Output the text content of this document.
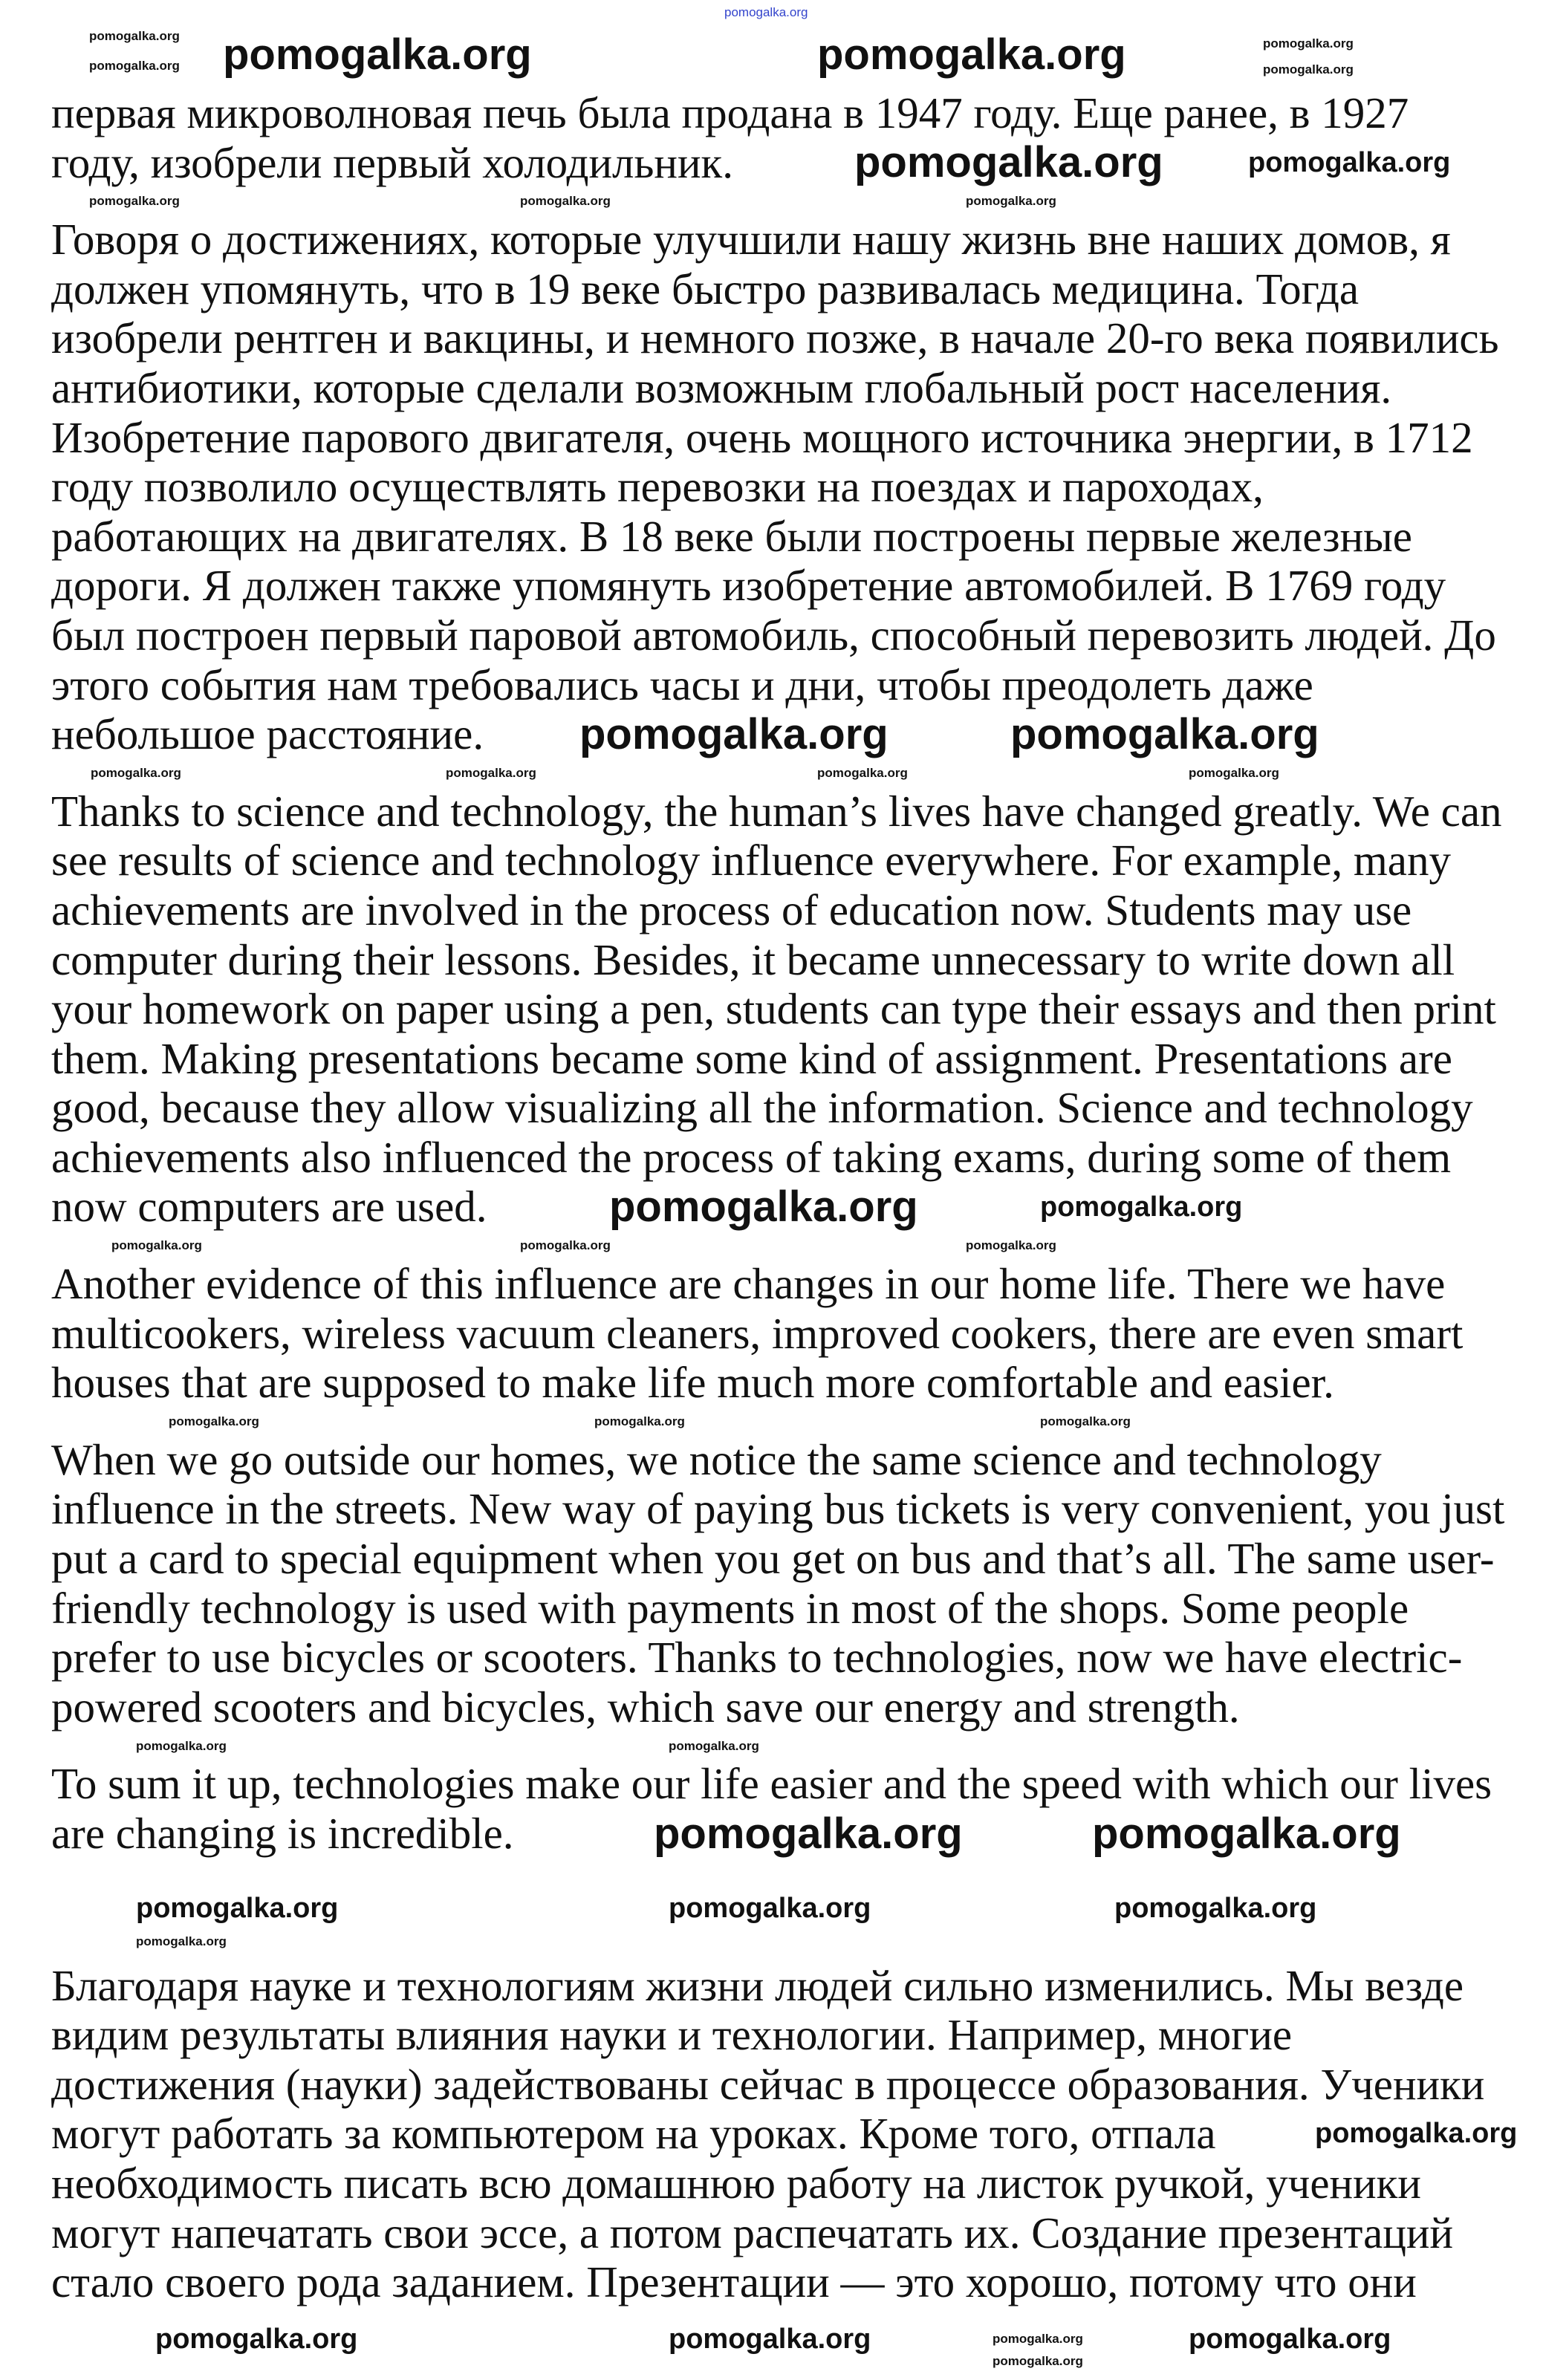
первая микроволновая печь была продана в 1947 году. Еще ранее, в 1927
году, изобрели первый холодильник.

Говоря о достижениях, которые улучшили нашу жизнь вне наших домов, я
должен упомянуть, что в 19 веке быстро развивалась медицина. Тогда
изобрели рентген и вакцины, и немного позже, в начале 20-го века появились
антибиотики, которые сделали возможным глобальный рост населения.
Изобретение парового двигателя, очень мощного источника энергии, в 1712
году позволило осуществлять перевозки на поездах и пароходах,
работающих на двигателях. В 18 веке были построены первые железные
дороги. Я должен также упомянуть изобретение автомобилей. В 1769 году
был построен первый паровой автомобиль, способный перевозить людей. До
этого события нам требовались часы и дни, чтобы преодолеть даже
небольшое расстояние.

Thanks to science and technology, the human’s lives have changed greatly. We can
see results of science and technology influence everywhere. For example, many
achievements are involved in the process of education now. Students may use
computer during their lessons. Besides, it became unnecessary to write down all
your homework on paper using a pen, students can type their essays and then print
them. Making presentations became some kind of assignment. Presentations are
good, because they allow visualizing all the information. Science and technology
achievements also influenced the process of taking exams, during some of them
now computers are used.

Another evidence of this influence are changes in our home life. There we have
multicookers, wireless vacuum cleaners, improved cookers, there are even smart
houses that are supposed to make life much more comfortable and easier.

When we go outside our homes, we notice the same science and technology
influence in the streets. New way of paying bus tickets is very convenient, you just
put a card to special equipment when you get on bus and that’s all. The same user-
friendly technology is used with payments in most of the shops. Some people
prefer to use bicycles or scooters. Thanks to technologies, now we have electric-
powered scooters and bicycles, which save our energy and strength.

To sum it up, technologies make our life easier and the speed with which our lives
are changing is incredible.

Благодаря науке и технологиям жизни людей сильно изменились. Мы везде
видим результаты влияния науки и технологии. Например, многие
достижения (науки) задействованы сейчас в процессе образования. Ученики
могут работать за компьютером на уроках. Кроме того, отпала
необходимость писать всю домашнюю работу на листок ручкой, ученики
могут напечатать свои эссе, а потом распечатать их. Создание презентаций
стало своего рода заданием. Презентации — это хорошо, потому что они

pomogalka.org
pomogalka.org	pomogalka.org
pomogalka.org
pomogalka.org
pomogalka.org
pomogalka.org
pomogalka.org	pomogalka.org	pomogalka.org
pomogalka.org	pomogalka.org
pomogalka.org	pomogalka.org
pomogalka.org	pomogalka.org	pomogalka.org	pomogalka.org
pomogalka.org	pomogalka.org
pomogalka.org	pomogalka.org	pomogalka.org
pomogalka.org	pomogalka.org	pomogalka.org
pomogalka.org	pomogalka.org
pomogalka.org	pomogalka.org
pomogalka.org	pomogalka.org	pomogalka.org
pomogalka.org
pomogalka.org
pomogalka.org	pomogalka.org	pomogalka.org	pomogalka.org
pomogalka.org
